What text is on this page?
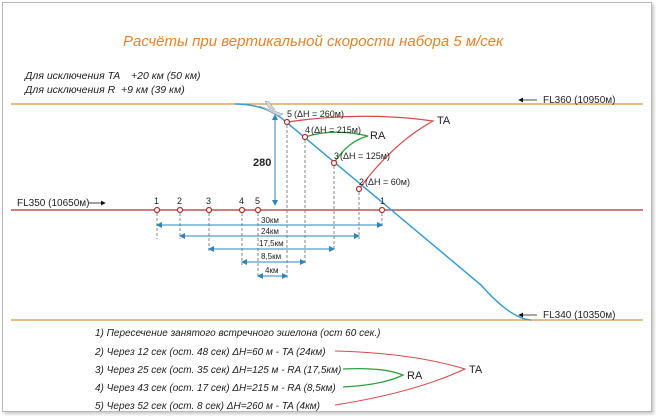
Расчёты при вертикальной скорости набора 5 м/сек
Для исключения TA +20 км (50 км)
Для исключения R +9 км (39 км)
FL360 (10950м)
FL350 (10650м)
FL340 (10350м)
TA
RA
5 (ΔH = 260м)
4 (ΔH = 215м)
3 (ΔH = 125м)
2 (ΔH = 60м)
1
1 2	3	4 5
280
30км
24км
17,5км
8,5км
4км
1) Пересечение занятого встречного эшелона (ост 60 сек.)
2) Через 12 сек (ост. 48 сек) ΔH=60 м - TA (24км)
3) Через 25 сек (ост. 35 сек) ΔH=125 м - RA (17,5км)
4) Через 43 сек (ост. 17 сек) ΔH=215 м - RA (8,5км)
5) Через 52 сек (ост. 8 сек) ΔH=260 м - TA (4км)
RA	TA
